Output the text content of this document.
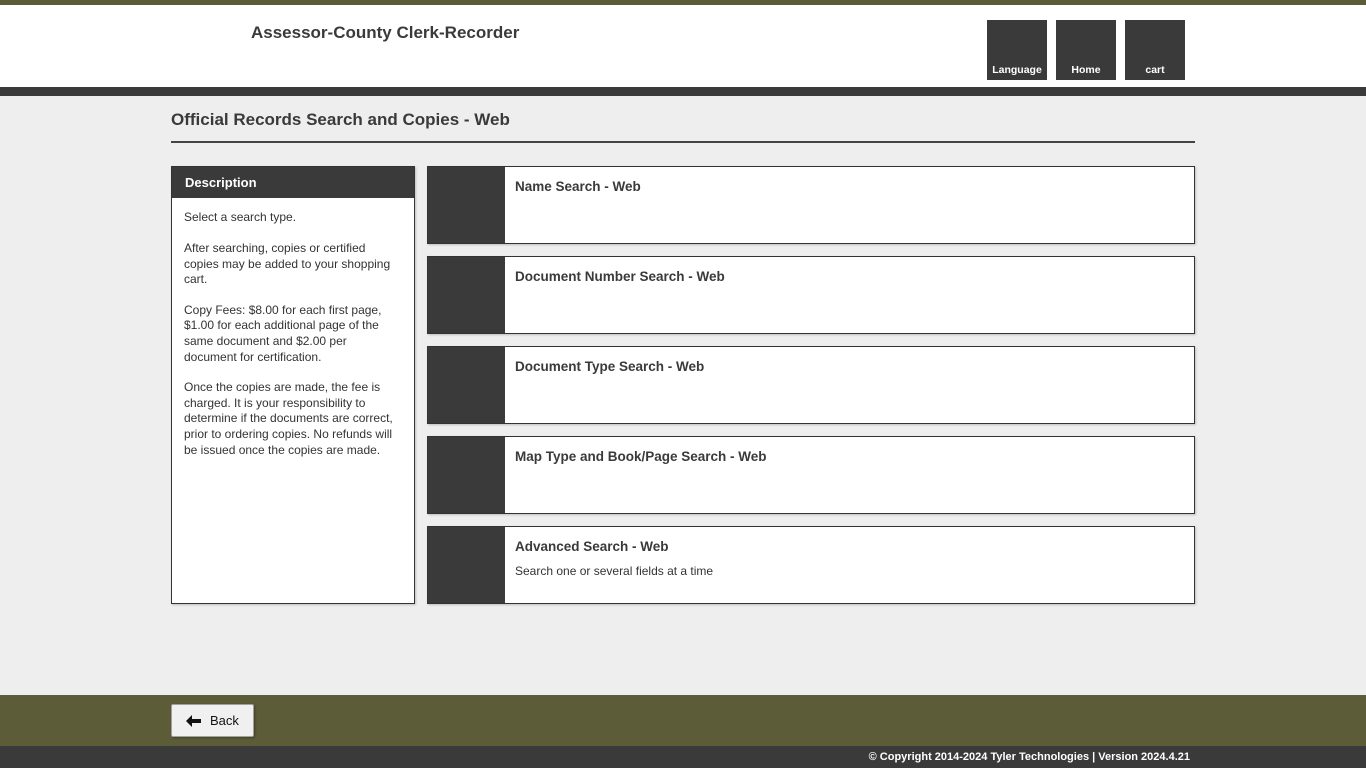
Assessor-County Clerk-Recorder
Language	Home	cart
Official Records Search and Copies - Web
Description

Select a search type.

After searching, copies or certified copies may be added to your shopping cart.

Copy Fees: $8.00 for each first page, $1.00 for each additional page of the same document and $2.00 per document for certification.

Once the copies are made, the fee is charged. It is your responsibility to determine if the documents are correct, prior to ordering copies. No refunds will be issued once the copies are made.

Name Search - Web
Document Number Search - Web
Document Type Search - Web
Map Type and Book/Page Search - Web
Advanced Search - Web
Search one or several fields at a time
Back
© Copyright 2014-2024 Tyler Technologies | Version 2024.4.21
